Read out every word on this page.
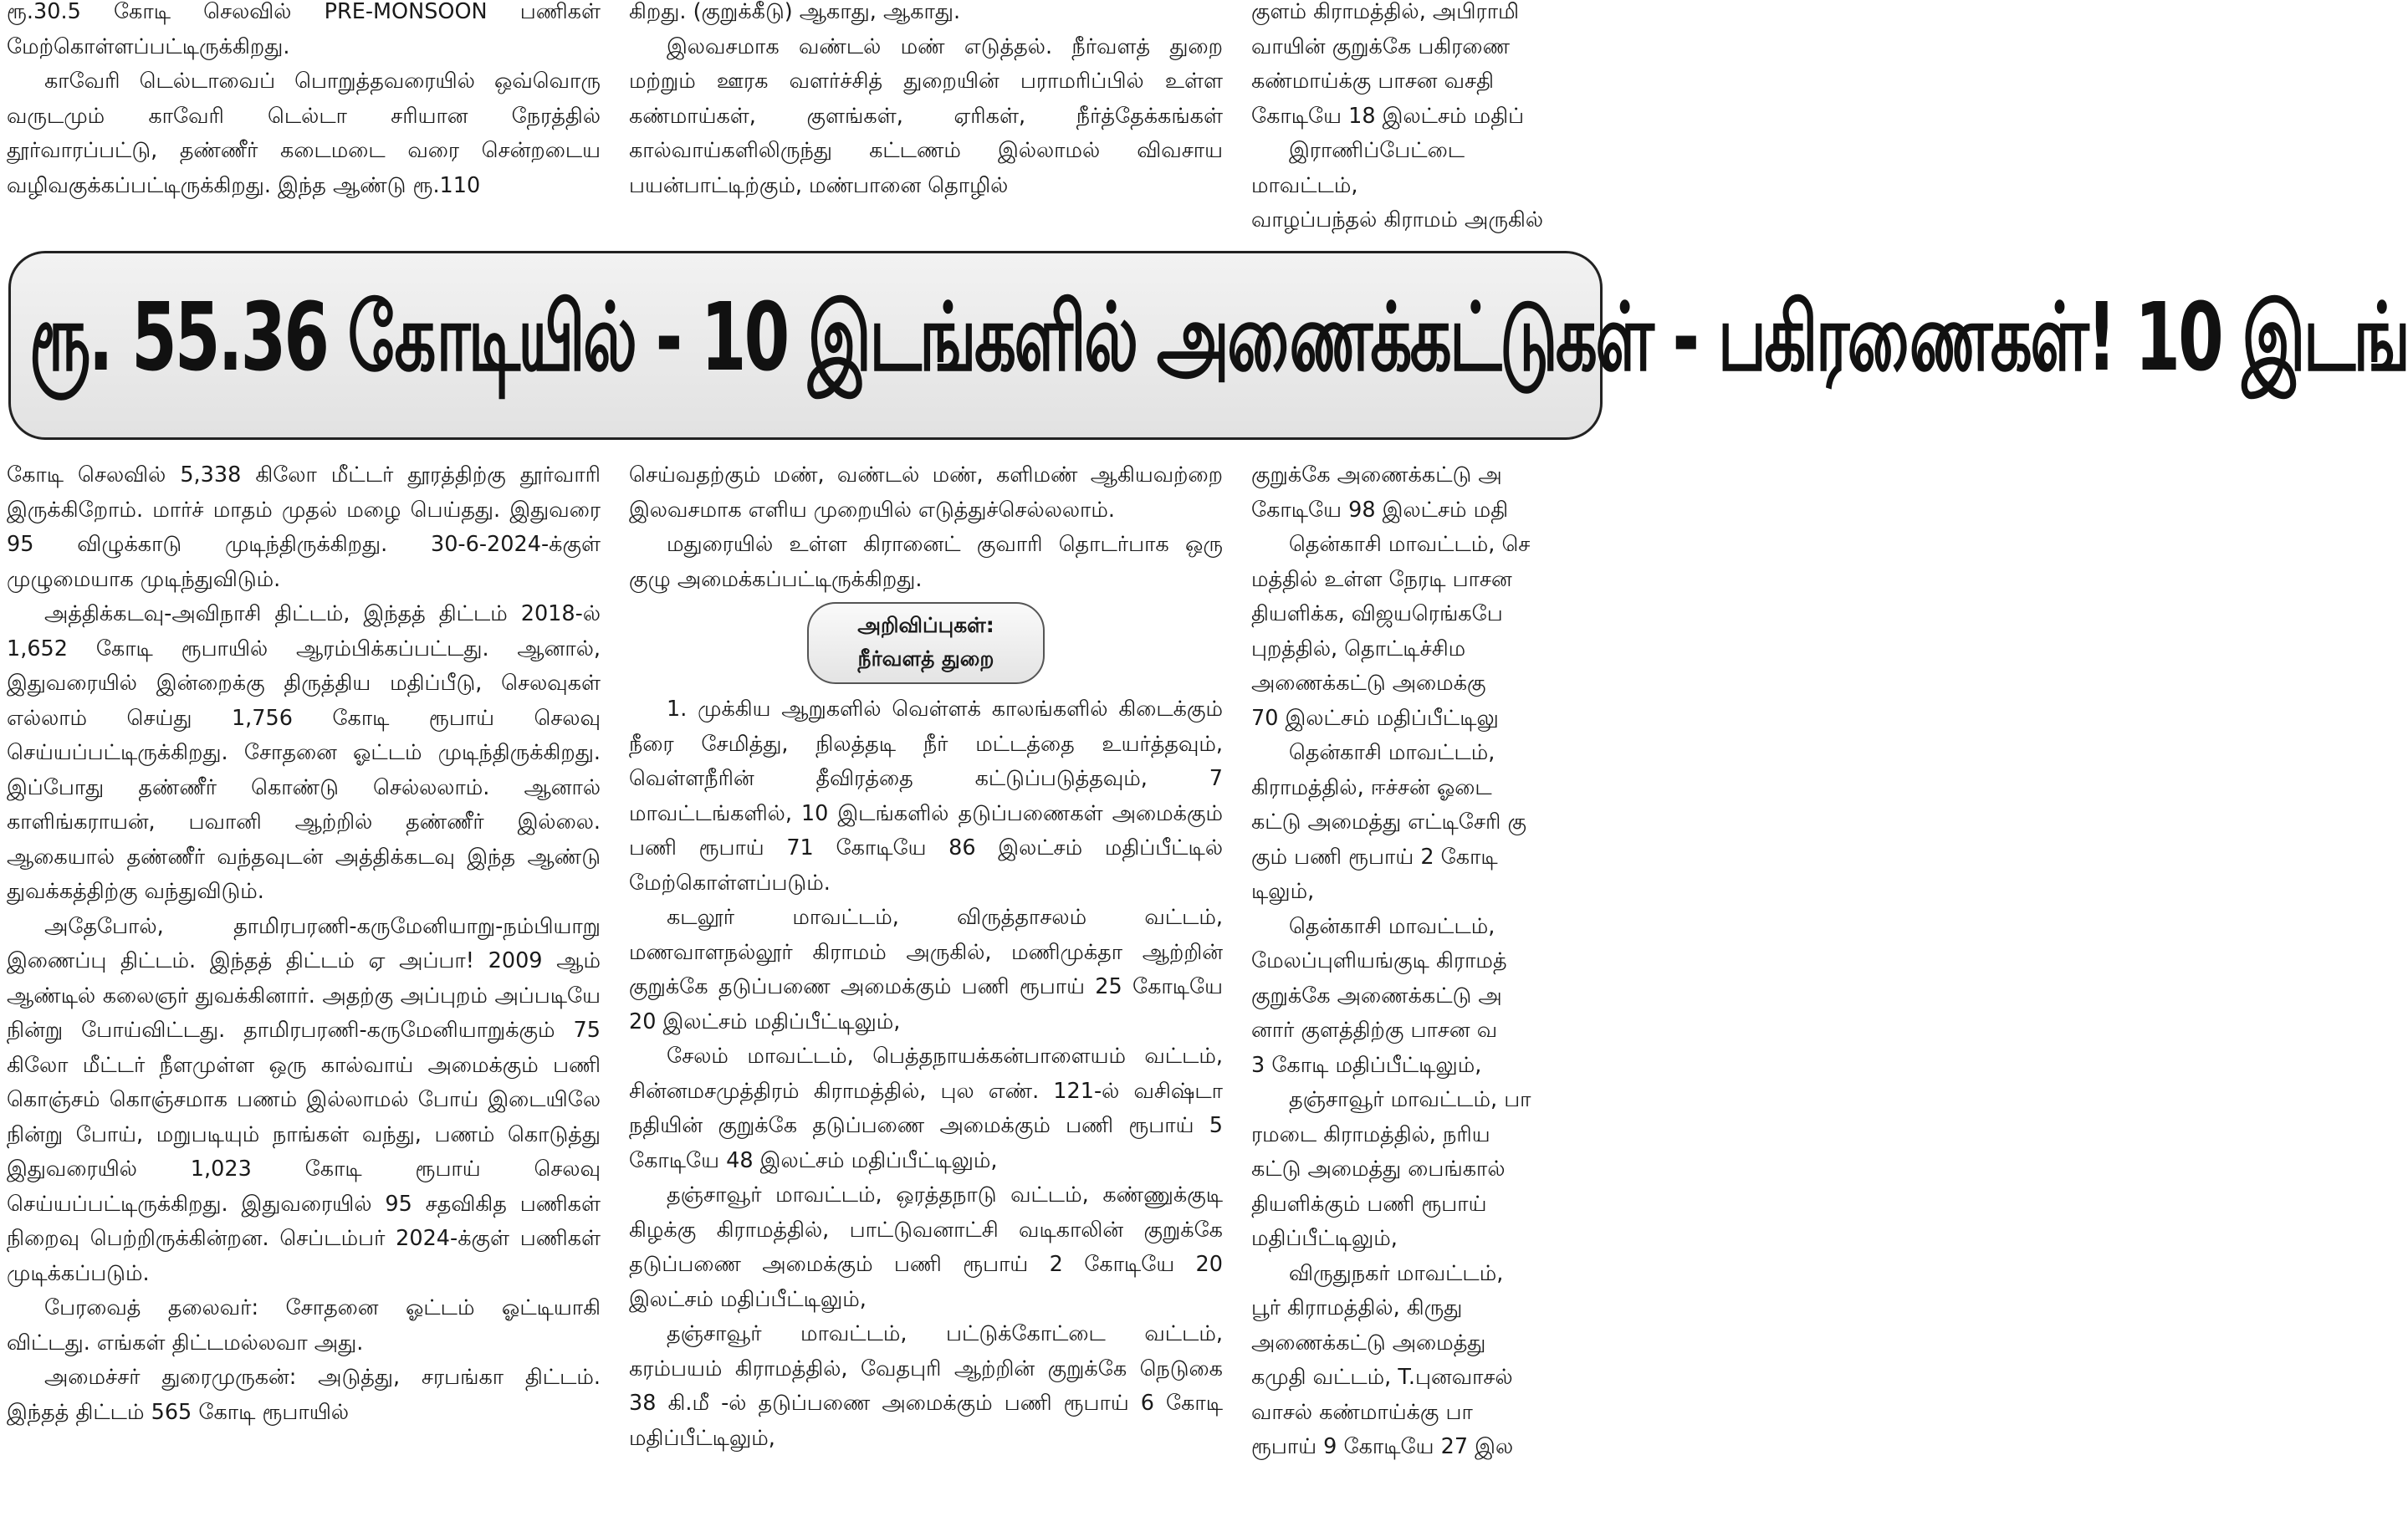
ரூ.30.5 கோடி செலவில் PRE-MONSOON பணிகள் மேற்கொள்ளப்பட்டிருக்கிறது.

காவேரி டெல்டாவைப் பொறுத்தவரையில் ஒவ்வொரு வருடமும் காவேரி டெல்டா சரியான நேரத்தில் தூர்வாரப்பட்டு, தண்ணீர் கடைமடை வரை சென்றடைய வழிவகுக்கப்பட்டிருக்கிறது. இந்த ஆண்டு ரூ.110

கிறது. (குறுக்கீடு) ஆகாது, ஆகாது.

இலவசமாக வண்டல் மண் எடுத்தல். நீர்வளத் துறை மற்றும் ஊரக வளர்ச்சித் துறையின் பராமரிப்பில் உள்ள கண்மாய்கள், குளங்கள், ஏரிகள், நீர்த்தேக்கங்கள் கால்வாய்களிலிருந்து கட்டணம் இல்லாமல் விவசாய பயன்பாட்டிற்கும், மண்பானை தொழில்

குளம் கிராமத்தில், அபிராமி

வாயின் குறுக்கே பகிரணை

கண்மாய்க்கு பாசன வசதி

கோடியே 18 இலட்சம் மதிப்

இராணிப்பேட்டை மாவட்டம்,

வாழப்பந்தல் கிராமம் அருகில்

ரூ. 55.36 கோடியில் - 10 இடங்களில் அணைக்கட்டுகள் - பகிரணைகள்! 10 இடங்

கோடி செலவில் 5,338 கிலோ மீட்டர் தூரத்திற்கு தூர்வாரி இருக்கிறோம். மார்ச் மாதம் முதல் மழை பெய்தது. இதுவரை 95 விழுக்காடு முடிந்திருக்கிறது. 30-6-2024-க்குள் முழுமையாக முடிந்துவிடும்.

அத்திக்கடவு-அவிநாசி திட்டம், இந்தத் திட்டம் 2018-ல் 1,652 கோடி ரூபாயில் ஆரம்பிக்கப்பட்டது. ஆனால், இதுவரையில் இன்றைக்கு திருத்திய மதிப்பீடு, செலவுகள் எல்லாம் செய்து 1,756 கோடி ரூபாய் செலவு செய்யப்பட்டிருக்கிறது. சோதனை ஓட்டம் முடிந்திருக்கிறது. இப்போது தண்ணீர் கொண்டு செல்லலாம். ஆனால் காளிங்கராயன், பவானி ஆற்றில் தண்ணீர் இல்லை. ஆகையால் தண்ணீர் வந்தவுடன் அத்திக்கடவு இந்த ஆண்டு துவக்கத்திற்கு வந்துவிடும்.

அதேபோல், தாமிரபரணி-கருமேனியாறு-நம்பியாறு இணைப்பு திட்டம். இந்தத் திட்டம் ஏ அப்பா! 2009 ஆம் ஆண்டில் கலைஞர் துவக்கினார். அதற்கு அப்புறம் அப்படியே நின்று போய்விட்டது. தாமிரபரணி-கருமேனியாறுக்கும் 75 கிலோ மீட்டர் நீளமுள்ள ஒரு கால்வாய் அமைக்கும் பணி கொஞ்சம் கொஞ்சமாக பணம் இல்லாமல் போய் இடையிலே நின்று போய், மறுபடியும் நாங்கள் வந்து, பணம் கொடுத்து இதுவரையில் 1,023 கோடி ரூபாய் செலவு செய்யப்பட்டிருக்கிறது. இதுவரையில் 95 சதவிகித பணிகள் நிறைவு பெற்றிருக்கின்றன. செப்டம்பர் 2024-க்குள் பணிகள் முடிக்கப்படும்.

பேரவைத் தலைவர்: சோதனை ஓட்டம் ஓட்டியாகி விட்டது. எங்கள் திட்டமல்லவா அது.

அமைச்சர் துரைமுருகன்: அடுத்து, சரபங்கா திட்டம். இந்தத் திட்டம் 565 கோடி ரூபாயில்

செய்வதற்கும் மண், வண்டல் மண், களிமண் ஆகியவற்றை இலவசமாக எளிய முறையில் எடுத்துச்செல்லலாம்.

மதுரையில் உள்ள கிரானைட் குவாரி தொடர்பாக ஒரு குழு அமைக்கப்பட்டிருக்கிறது.

அறிவிப்புகள்:
நீர்வளத் துறை

1. முக்கிய ஆறுகளில் வெள்ளக் காலங்களில் கிடைக்கும் நீரை சேமித்து, நிலத்தடி நீர் மட்டத்தை உயர்த்தவும், வெள்ளநீரின் தீவிரத்தை கட்டுப்படுத்தவும், 7 மாவட்டங்களில், 10 இடங்களில் தடுப்பணைகள் அமைக்கும் பணி ரூபாய் 71 கோடியே 86 இலட்சம் மதிப்பீட்டில் மேற்கொள்ளப்படும்.

கடலூர் மாவட்டம், விருத்தாசலம் வட்டம், மணவாளநல்லூர் கிராமம் அருகில், மணிமுக்தா ஆற்றின் குறுக்கே தடுப்பணை அமைக்கும் பணி ரூபாய் 25 கோடியே 20 இலட்சம் மதிப்பீட்டிலும்,

சேலம் மாவட்டம், பெத்தநாயக்கன்பாளையம் வட்டம், சின்னமசமுத்திரம் கிராமத்தில், புல எண். 121-ல் வசிஷ்டா நதியின் குறுக்கே தடுப்பணை அமைக்கும் பணி ரூபாய் 5 கோடியே 48 இலட்சம் மதிப்பீட்டிலும்,

தஞ்சாவூர் மாவட்டம், ஒரத்தநாடு வட்டம், கண்ணுக்குடி கிழக்கு கிராமத்தில், பாட்டுவனாட்சி வடிகாலின் குறுக்கே தடுப்பணை அமைக்கும் பணி ரூபாய் 2 கோடியே 20 இலட்சம் மதிப்பீட்டிலும்,

தஞ்சாவூர் மாவட்டம், பட்டுக்கோட்டை வட்டம், கரம்பயம் கிராமத்தில், வேதபுரி ஆற்றின் குறுக்கே நெடுகை 38 கி.மீ -ல் தடுப்பணை அமைக்கும் பணி ரூபாய் 6 கோடி மதிப்பீட்டிலும்,

குறுக்கே அணைக்கட்டு அ

கோடியே 98 இலட்சம் மதி

தென்காசி மாவட்டம், செ

மத்தில் உள்ள நேரடி பாசன

தியளிக்க, விஜயரெங்கபே

புறத்தில், தொட்டிச்சிம

அணைக்கட்டு அமைக்கு

70 இலட்சம் மதிப்பீட்டிலு

தென்காசி மாவட்டம்,

கிராமத்தில், ஈச்சன் ஓடை

கட்டு அமைத்து எட்டிசேரி கு

கும் பணி ரூபாய் 2 கோடி

டிலும்,

தென்காசி மாவட்டம்,

மேலப்புளியங்குடி கிராமத்

குறுக்கே அணைக்கட்டு அ

னார் குளத்திற்கு பாசன வ

3 கோடி மதிப்பீட்டிலும்,

தஞ்சாவூர் மாவட்டம், பா

ரமடை கிராமத்தில், நரிய

கட்டு அமைத்து பைங்கால்

தியளிக்கும் பணி ரூபாய்

மதிப்பீட்டிலும்,

விருதுநகர் மாவட்டம்,

பூர் கிராமத்தில், கிருது

அணைக்கட்டு அமைத்து

கமுதி வட்டம், T.புனவாசல்

வாசல் கண்மாய்க்கு பா

ரூபாய் 9 கோடியே 27 இல
